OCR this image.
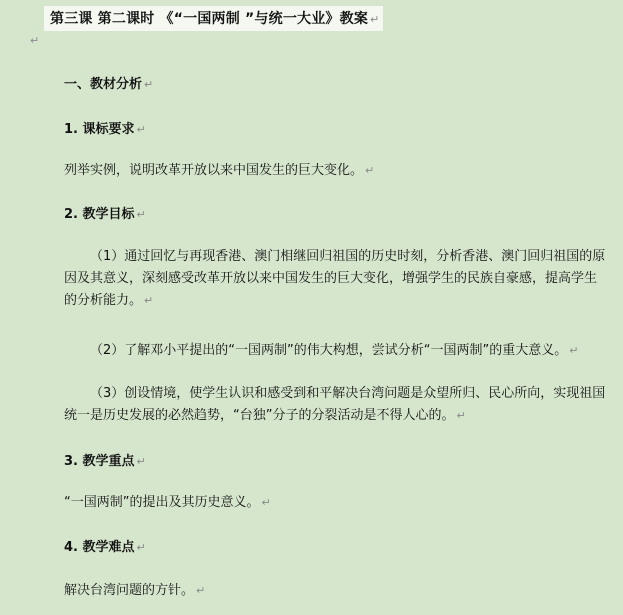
第三课 第二课时 《“一国两制 ”与统一大业》教案 ↵
↵
一、教材分析 ↵
1. 课标要求 ↵
列举实例，说明改革开放以来中国发生的巨大变化。 ↵
2. 教学目标 ↵
（1）通过回忆与再现香港、澳门相继回归祖国的历史时刻，分析香港、澳门回归祖国的原因及其意义，深刻感受改革开放以来中国发生的巨大变化，增强学生的民族自豪感，提高学生的分析能力。 ↵
（2）了解邓小平提出的“一国两制”的伟大构想，尝试分析“一国两制”的重大意义。 ↵
（3）创设情境，使学生认识和感受到和平解决台湾问题是众望所归、民心所向，实现祖国统一是历史发展的必然趋势，“台独”分子的分裂活动是不得人心的。 ↵
3. 教学重点 ↵
“一国两制”的提出及其历史意义。 ↵
4. 教学难点 ↵
解决台湾问题的方针。 ↵
